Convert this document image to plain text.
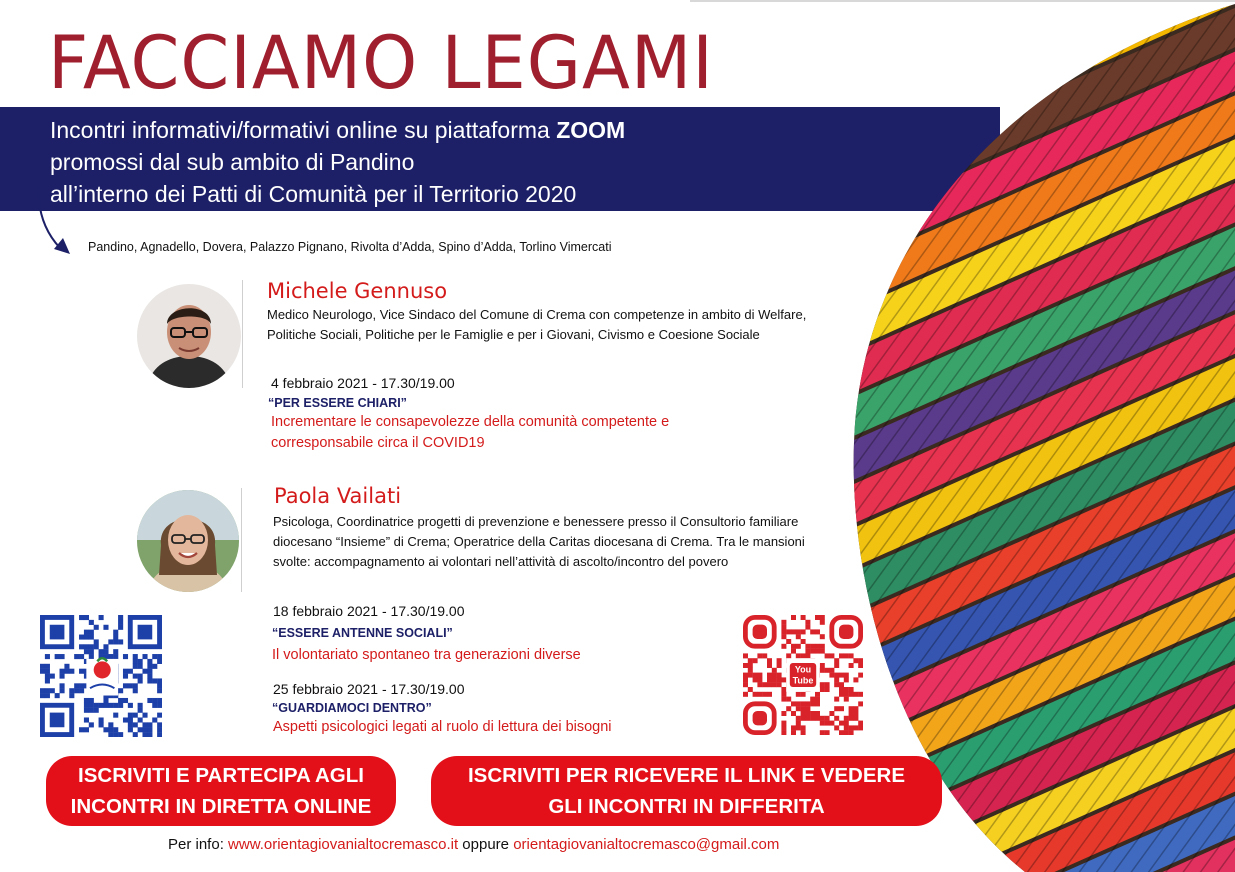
FACCIAMO LEGAMI
Incontri informativi/formativi online su piattaforma ZOOM
promossi dal sub ambito di Pandino
all’interno dei Patti di Comunità per il Territorio 2020
Pandino, Agnadello, Dovera, Palazzo Pignano, Rivolta d’Adda, Spino d’Adda, Torlino Vimercati
Michele Gennuso
Medico Neurologo, Vice Sindaco del Comune di Crema con competenze in ambito di Welfare, Politiche Sociali, Politiche per le Famiglie e per i Giovani, Civismo e Coesione Sociale
4 febbraio 2021 - 17.30/19.00
“PER ESSERE CHIARI”
Incrementare le consapevolezze della comunità competente e corresponsabile circa il COVID19
Paola Vailati
Psicologa, Coordinatrice progetti di prevenzione e benessere presso il Consultorio familiare diocesano “Insieme” di Crema; Operatrice della Caritas diocesana di Crema. Tra le mansioni svolte: accompagnamento ai volontari nell’attività di ascolto/incontro del povero
18 febbraio 2021 - 17.30/19.00
“ESSERE ANTENNE SOCIALI”
Il volontariato spontaneo tra generazioni diverse
25 febbraio 2021 - 17.30/19.00
“GUARDIAMOCI DENTRO”
Aspetti psicologici legati al ruolo di lettura dei bisogni
You
Tube
ISCRIVITI E PARTECIPA AGLI INCONTRI IN DIRETTA ONLINE
ISCRIVITI PER RICEVERE IL LINK E VEDERE GLI INCONTRI IN DIFFERITA
Per info: www.orientagiovanialtocremasco.it oppure orientagiovanialtocremasco@gmail.com
